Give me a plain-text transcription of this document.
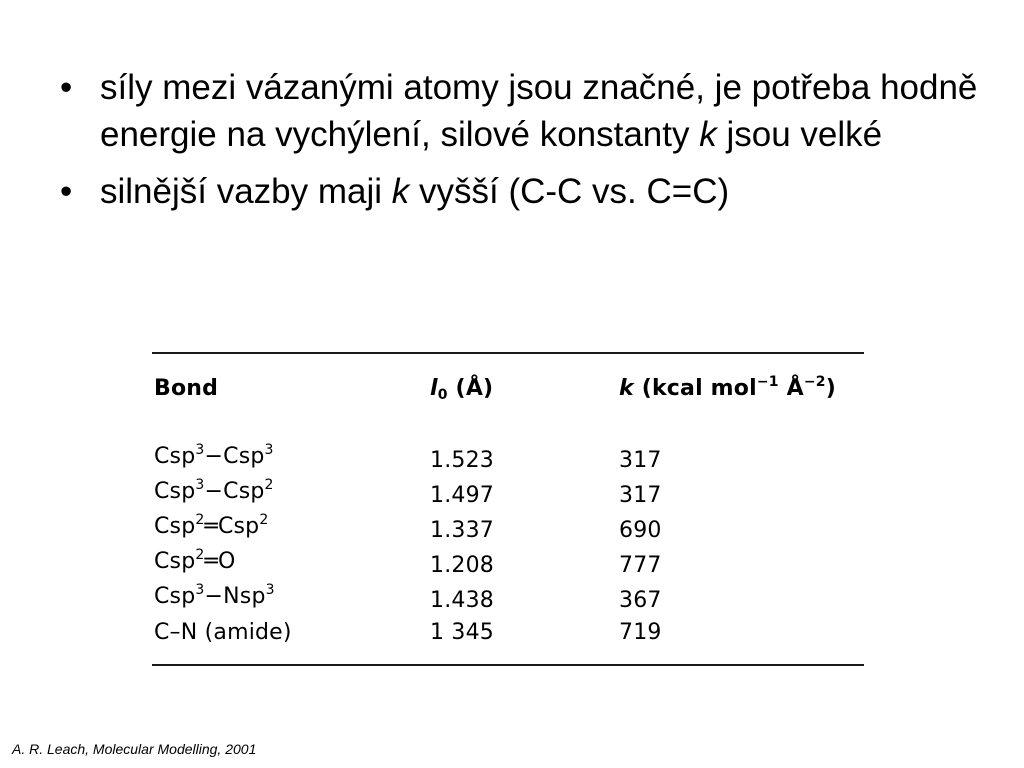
• síly mezi vázanými atomy jsou značné, je potřeba hodně energie na vychýlení, silové konstanty k jsou velké
• silnější vazby maji k vyšší (C-C vs. C=C)
Bond	$l_0$ (Å)	k (kcal mol$^{-1}$ $Å^{-2}$)
Csp$^3$−Csp$^3$	1.523	317
Csp$^3$−Csp$^2$	1.497	317
Csp$^2$═Csp$^2$	1.337	690
Csp$^2$═O	1.208	777
Csp$^3$−Nsp$^3$	1.438	367
C–N (amide)	1 345	719
A. R. Leach, Molecular Modelling, 2001
